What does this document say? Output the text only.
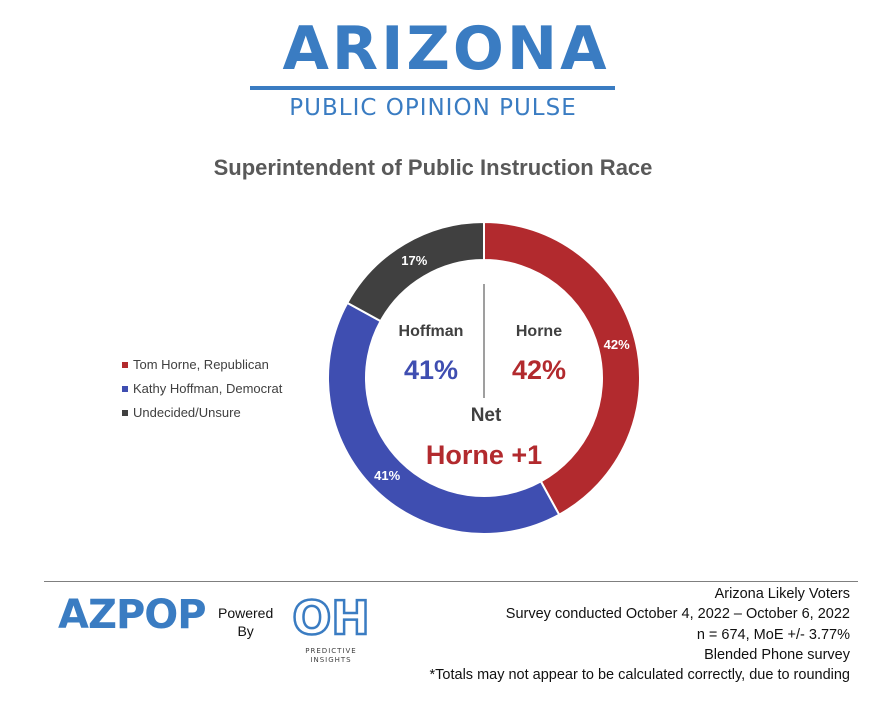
ARIZONA
PUBLIC OPINION PULSE
Superintendent of Public Instruction Race
42%
41%
17%
Tom Horne, Republican
Kathy Hoffman, Democrat
Undecided/Unsure
Hoffman
41%
Horne
42%
Net
Horne +1
AZPOP Powered
By OH
PREDICTIVE
INSIGHTS
Arizona Likely Voters
Survey conducted October 4, 2022 – October 6, 2022
n = 674, MoE +/- 3.77%
Blended Phone survey
*Totals may not appear to be calculated correctly, due to rounding
